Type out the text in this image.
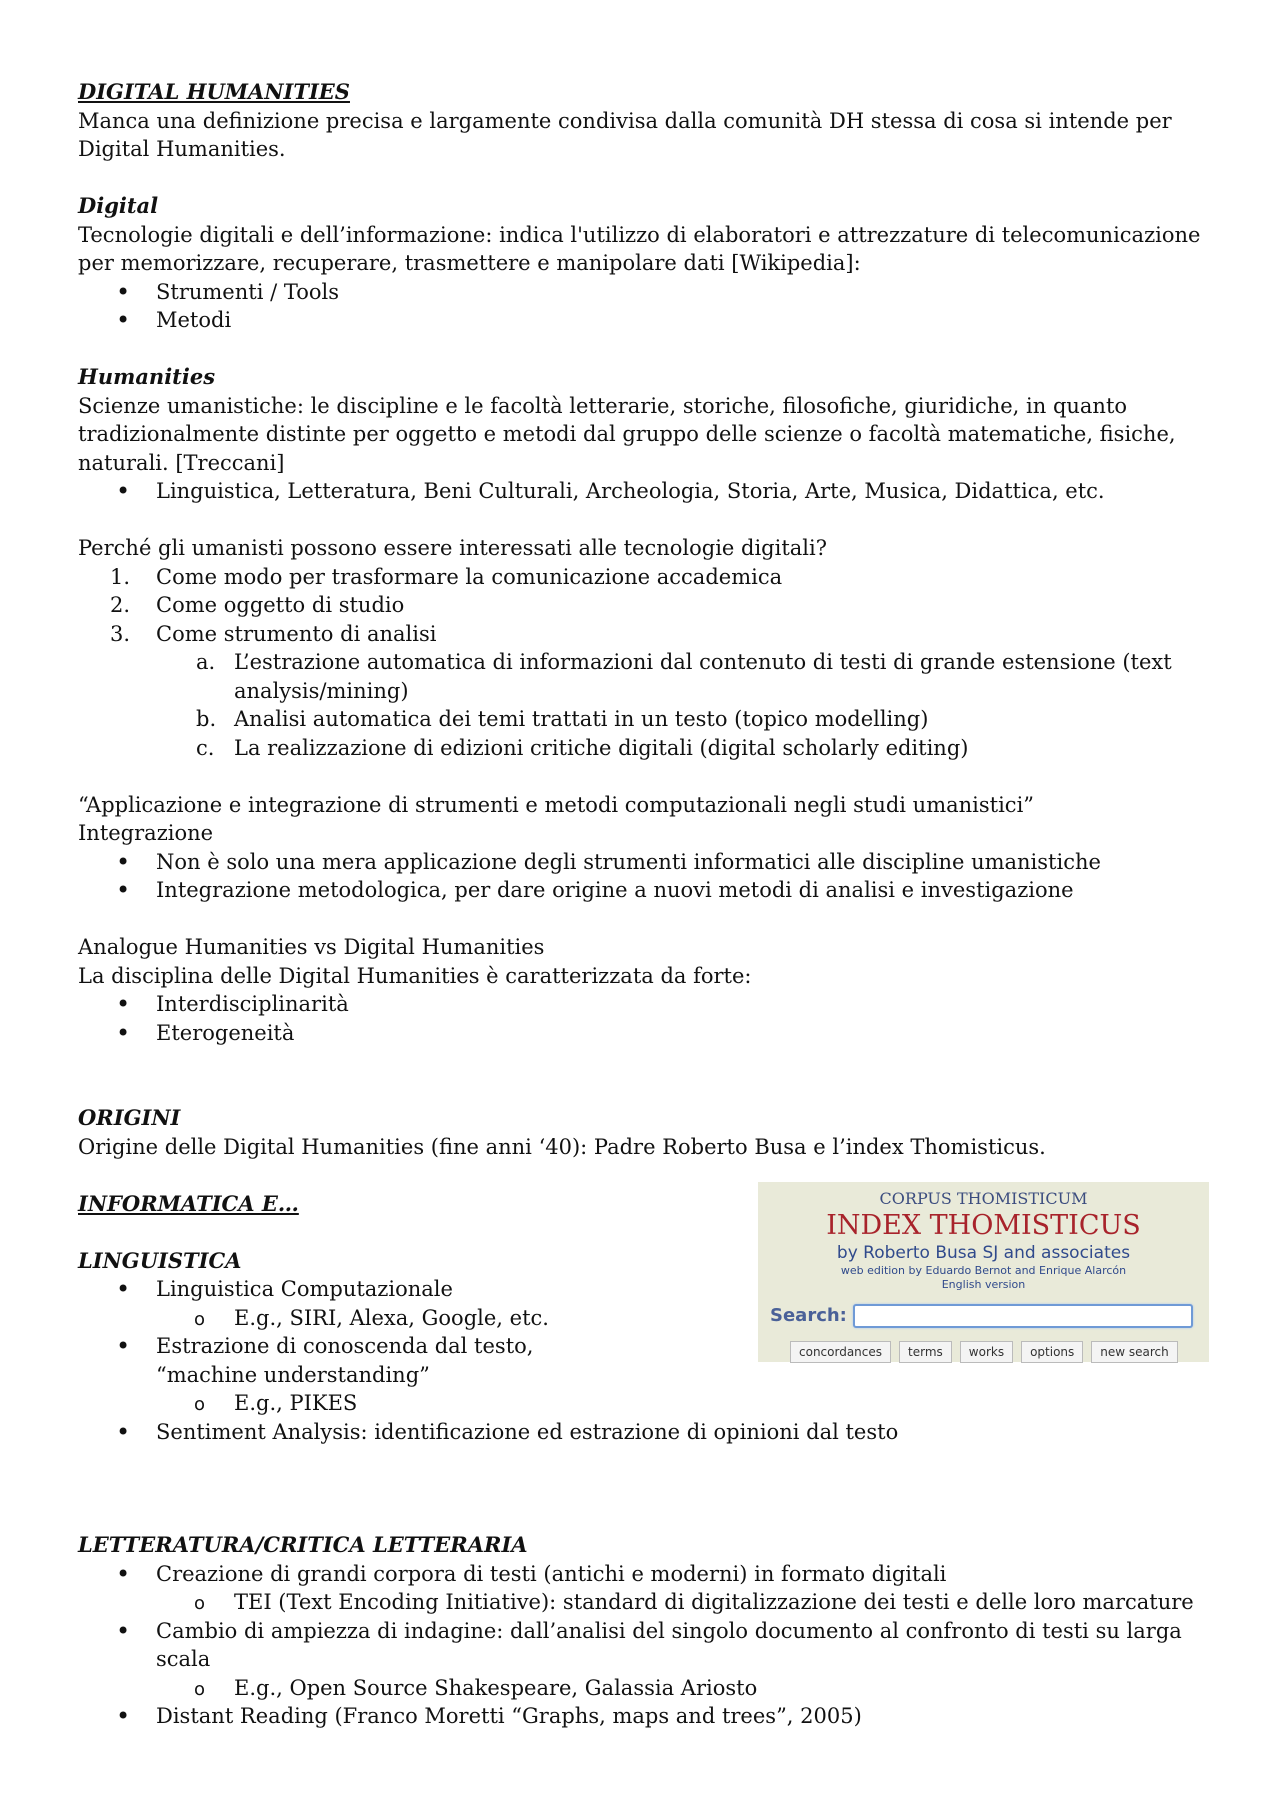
DIGITAL HUMANITIES

Manca una definizione precisa e largamente condivisa dalla comunità DH stessa di cosa si intende per Digital Humanities.

Digital

Tecnologie digitali e dell’informazione: indica l'utilizzo di elaboratori e attrezzature di telecomunicazione per memorizzare, recuperare, trasmettere e manipolare dati [Wikipedia]:

•
Strumenti / Tools
•
Metodi

Humanities

Scienze umanistiche: le discipline e le facoltà letterarie, storiche, filosofiche, giuridiche, in quanto tradizionalmente distinte per oggetto e metodi dal gruppo delle scienze o facoltà matematiche, fisiche, naturali. [Treccani]

•
Linguistica, Letteratura, Beni Culturali, Archeologia, Storia, Arte, Musica, Didattica, etc.

Perché gli umanisti possono essere interessati alle tecnologie digitali?

1. Come modo per trasformare la comunicazione accademica
2. Come oggetto di studio
3. Come strumento di analisi
a. L’estrazione automatica di informazioni dal contenuto di testi di grande estensione (text analysis/mining)
b. Analisi automatica dei temi trattati in un testo (topico modelling)
c. La realizzazione di edizioni critiche digitali (digital scholarly editing)

“Applicazione e integrazione di strumenti e metodi computazionali negli studi umanistici”

Integrazione

•
Non è solo una mera applicazione degli strumenti informatici alle discipline umanistiche
•
Integrazione metodologica, per dare origine a nuovi metodi di analisi e investigazione

Analogue Humanities vs Digital Humanities

La disciplina delle Digital Humanities è caratterizzata da forte:

•
Interdisciplinarità
•
Eterogeneità

ORIGINI

Origine delle Digital Humanities (fine anni ‘40): Padre Roberto Busa e l’index Thomisticus.

INFORMATICA E…

LINGUISTICA

•
Linguistica Computazionale
o
E.g., SIRI, Alexa, Google, etc.
•
Estrazione di conoscenda dal testo, “machine understanding”
o
E.g., PIKES
•
Sentiment Analysis: identificazione ed estrazione di opinioni dal testo

LETTERATURA/CRITICA LETTERARIA

•
Creazione di grandi corpora di testi (antichi e moderni) in formato digitali
o
TEI (Text Encoding Initiative): standard di digitalizzazione dei testi e delle loro marcature
•
Cambio di ampiezza di indagine: dall’analisi del singolo documento al confronto di testi su larga scala
o
E.g., Open Source Shakespeare, Galassia Ariosto
•
Distant Reading (Franco Moretti “Graphs, maps and trees”, 2005)
CORPUS THOMISTICUM
INDEX THOMISTICUS
by Roberto Busa SJ and associates
web edition by Eduardo Bernot and Enrique Alarcón
English version
Search:
concordances	terms	works	options	new search
